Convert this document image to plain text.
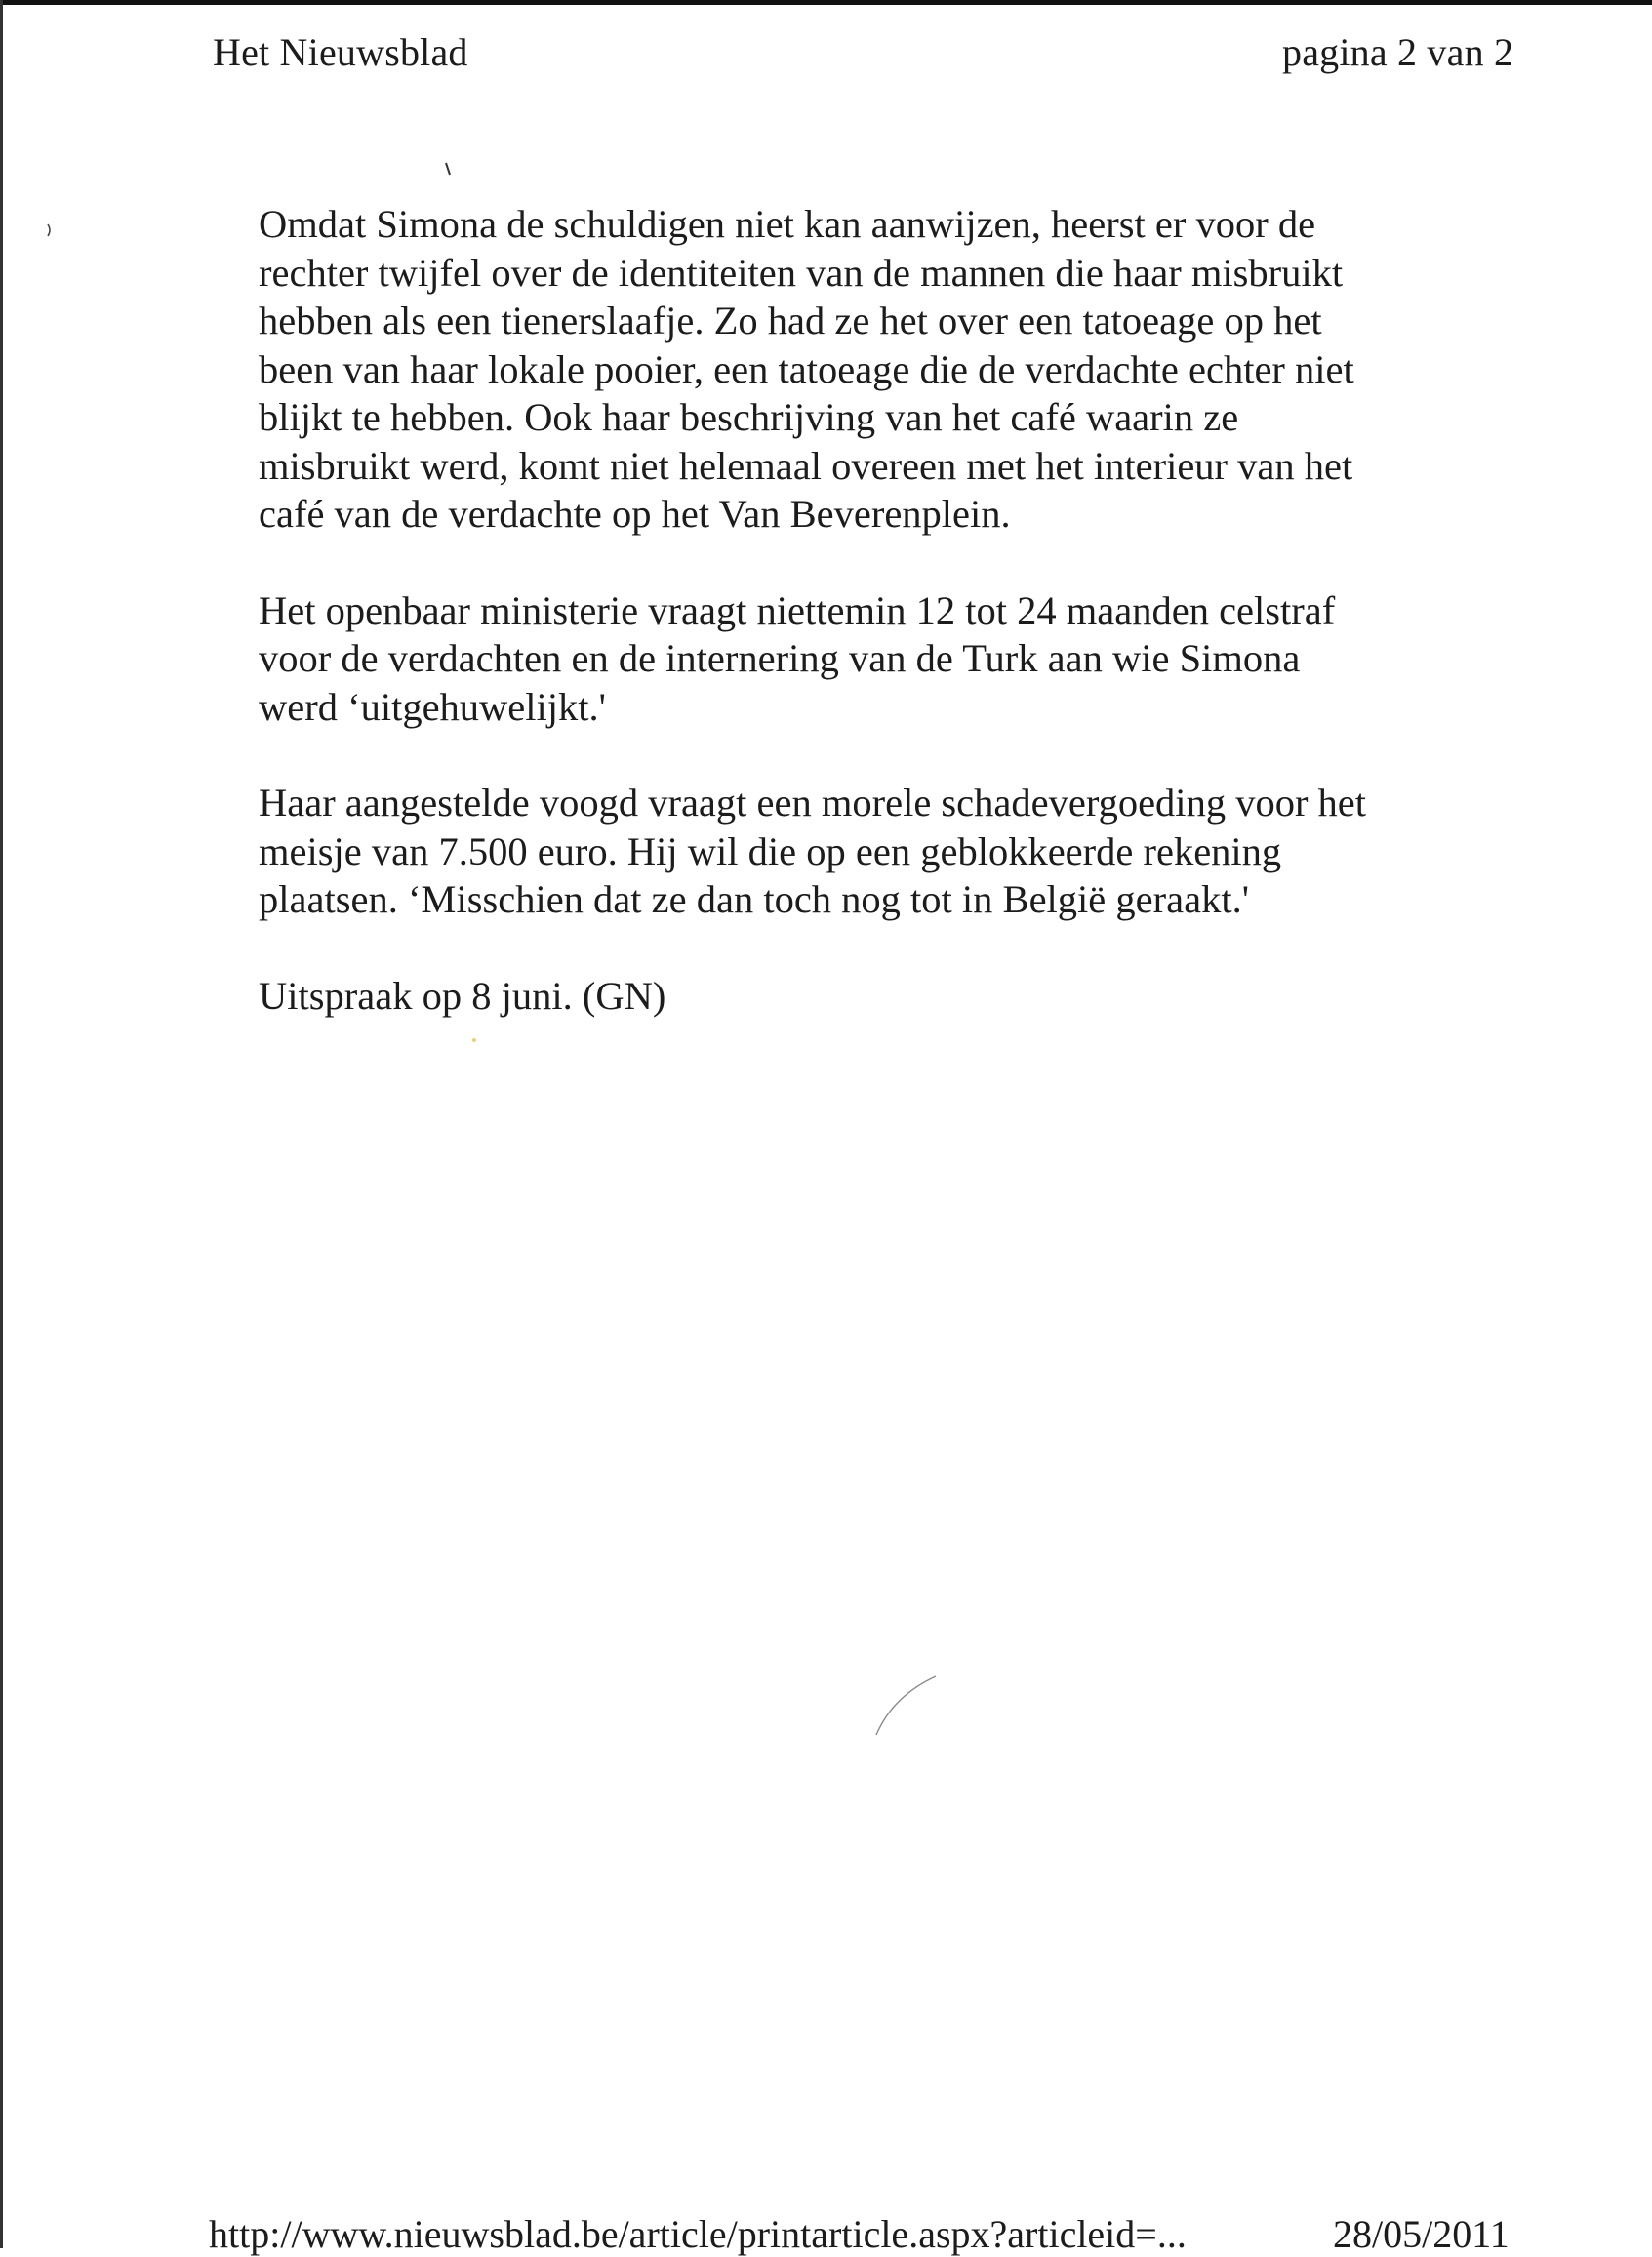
Het Nieuwsblad	pagina 2 van 2

Omdat Simona de schuldigen niet kan aanwijzen, heerst er voor de
rechter twijfel over de identiteiten van de mannen die haar misbruikt
hebben als een tienerslaafje. Zo had ze het over een tatoeage op het
been van haar lokale pooier, een tatoeage die de verdachte echter niet
blijkt te hebben. Ook haar beschrijving van het café waarin ze
misbruikt werd, komt niet helemaal overeen met het interieur van het
café van de verdachte op het Van Beverenplein.

Het openbaar ministerie vraagt niettemin 12 tot 24 maanden celstraf
voor de verdachten en de internering van de Turk aan wie Simona
werd ‘uitgehuwelijkt.'

Haar aangestelde voogd vraagt een morele schadevergoeding voor het
meisje van 7.500 euro. Hij wil die op een geblokkeerde rekening
plaatsen. ‘Misschien dat ze dan toch nog tot in België geraakt.'

Uitspraak op 8 juni. (GN)

http://www.nieuwsblad.be/article/printarticle.aspx?articleid=...	28/05/2011
